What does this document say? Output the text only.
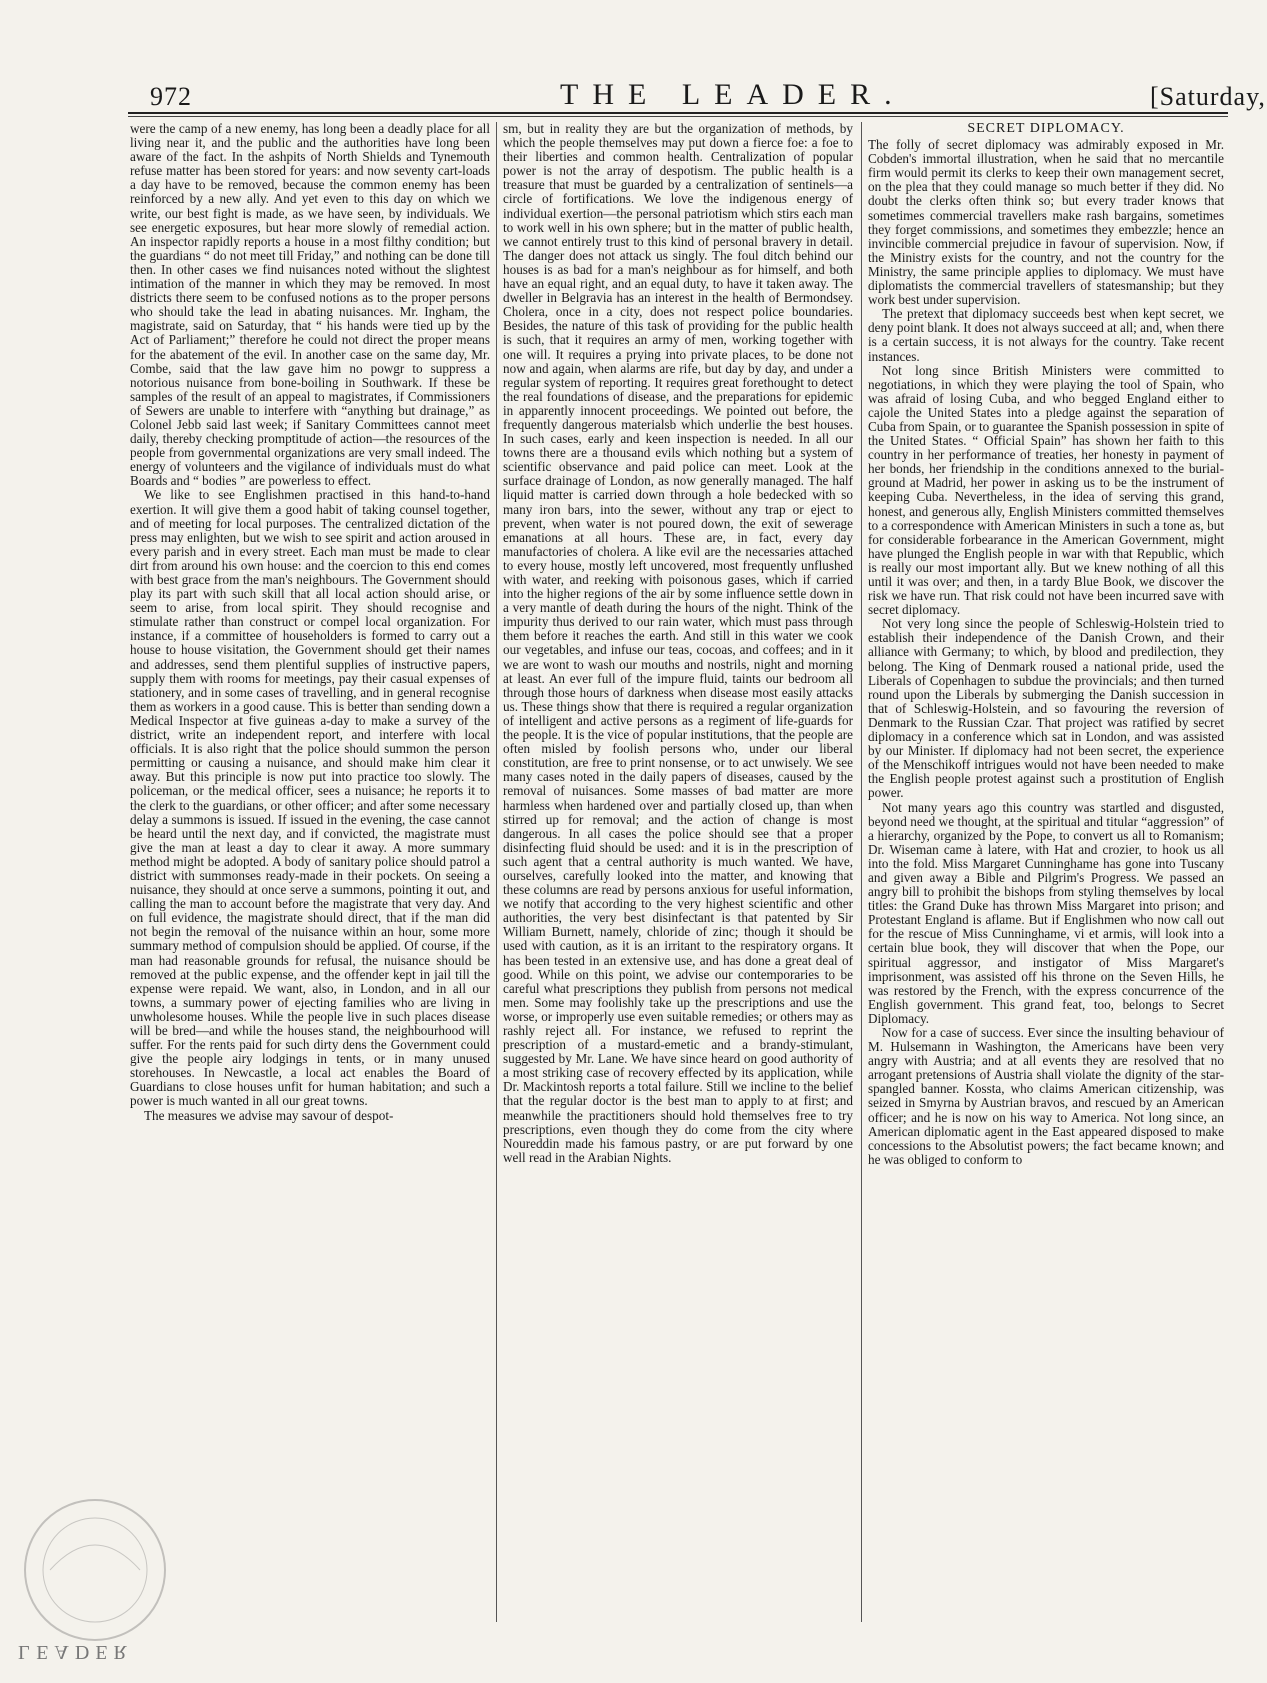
972	THE LEADER.	[Saturday,

were the camp of a new enemy, has long been a deadly place for all living near it, and the public and the authorities have long been aware of the fact. In the ashpits of North Shields and Tynemouth refuse matter has been stored for years: and now seventy cart-loads a day have to be removed, because the common enemy has been reinforced by a new ally. And yet even to this day on which we write, our best fight is made, as we have seen, by individuals. We see energetic exposures, but hear more slowly of remedial action. An inspector rapidly reports a house in a most filthy condition; but the guardians “ do not meet till Friday,” and nothing can be done till then. In other cases we find nuisances noted without the slightest intimation of the manner in which they may be removed. In most districts there seem to be confused notions as to the proper persons who should take the lead in abating nuisances. Mr. Ingham, the magistrate, said on Saturday, that “ his hands were tied up by the Act of Parliament;” therefore he could not direct the proper means for the abatement of the evil. In another case on the same day, Mr. Combe, said that the law gave him no powgr to suppress a notorious nuisance from bone-boiling in Southwark. If these be samples of the result of an appeal to magistrates, if Commissioners of Sewers are unable to interfere with “anything but drainage,” as Colonel Jebb said last week; if Sanitary Committees cannot meet daily, thereby checking promptitude of action—the resources of the people from governmental organizations are very small indeed. The energy of volunteers and the vigilance of individuals must do what Boards and “ bodies ” are powerless to effect.

We like to see Englishmen practised in this hand-to-hand exertion. It will give them a good habit of taking counsel together, and of meeting for local purposes. The centralized dictation of the press may enlighten, but we wish to see spirit and action aroused in every parish and in every street. Each man must be made to clear dirt from around his own house: and the coercion to this end comes with best grace from the man's neighbours. The Government should play its part with such skill that all local action should arise, or seem to arise, from local spirit. They should recognise and stimulate rather than construct or compel local organization. For instance, if a committee of householders is formed to carry out a house to house visitation, the Government should get their names and addresses, send them plentiful supplies of instructive papers, supply them with rooms for meetings, pay their casual expenses of stationery, and in some cases of travelling, and in general recognise them as workers in a good cause. This is better than sending down a Medical Inspector at five guineas a-day to make a survey of the district, write an independent report, and interfere with local officials. It is also right that the police should summon the person permitting or causing a nuisance, and should make him clear it away. But this principle is now put into practice too slowly. The policeman, or the medical officer, sees a nuisance; he reports it to the clerk to the guardians, or other officer; and after some necessary delay a summons is issued. If issued in the evening, the case cannot be heard until the next day, and if convicted, the magistrate must give the man at least a day to clear it away. A more summary method might be adopted. A body of sanitary police should patrol a district with summonses ready-made in their pockets. On seeing a nuisance, they should at once serve a summons, pointing it out, and calling the man to account before the magistrate that very day. And on full evidence, the magistrate should direct, that if the man did not begin the removal of the nuisance within an hour, some more summary method of compulsion should be applied. Of course, if the man had reasonable grounds for refusal, the nuisance should be removed at the public expense, and the offender kept in jail till the expense were repaid. We want, also, in London, and in all our towns, a summary power of ejecting families who are living in unwholesome houses. While the people live in such places disease will be bred—and while the houses stand, the neighbourhood will suffer. For the rents paid for such dirty dens the Government could give the people airy lodgings in tents, or in many unused storehouses. In Newcastle, a local act enables the Board of Guardians to close houses unfit for human habitation; and such a power is much wanted in all our great towns.

The measures we advise may savour of despot-

sm, but in reality they are but the organization of methods, by which the people themselves may put down a fierce foe: a foe to their liberties and common health. Centralization of popular power is not the array of despotism. The public health is a treasure that must be guarded by a centralization of sentinels—a circle of fortifications. We love the indigenous energy of individual exertion—the personal patriotism which stirs each man to work well in his own sphere; but in the matter of public health, we cannot entirely trust to this kind of personal bravery in detail. The danger does not attack us singly. The foul ditch behind our houses is as bad for a man's neighbour as for himself, and both have an equal right, and an equal duty, to have it taken away. The dweller in Belgravia has an interest in the health of Bermondsey. Cholera, once in a city, does not respect police boundaries. Besides, the nature of this task of providing for the public health is such, that it requires an army of men, working together with one will. It requires a prying into private places, to be done not now and again, when alarms are rife, but day by day, and under a regular system of reporting. It requires great forethought to detect the real foundations of disease, and the preparations for epidemic in apparently innocent proceedings. We pointed out before, the frequently dangerous materialsb which underlie the best houses. In such cases, early and keen inspection is needed. In all our towns there are a thousand evils which nothing but a system of scientific observance and paid police can meet. Look at the surface drainage of London, as now generally managed. The half liquid matter is carried down through a hole bedecked with so many iron bars, into the sewer, without any trap or eject to prevent, when water is not poured down, the exit of sewerage emanations at all hours. These are, in fact, every day manufactories of cholera. A like evil are the necessaries attached to every house, mostly left uncovered, most frequently unflushed with water, and reeking with poisonous gases, which if carried into the higher regions of the air by some influence settle down in a very mantle of death during the hours of the night. Think of the impurity thus derived to our rain water, which must pass through them before it reaches the earth. And still in this water we cook our vegetables, and infuse our teas, cocoas, and coffees; and in it we are wont to wash our mouths and nostrils, night and morning at least. An ever full of the impure fluid, taints our bedroom all through those hours of darkness when disease most easily attacks us. These things show that there is required a regular organization of intelligent and active persons as a regiment of life-guards for the people. It is the vice of popular institutions, that the people are often misled by foolish persons who, under our liberal constitution, are free to print nonsense, or to act unwisely. We see many cases noted in the daily papers of diseases, caused by the removal of nuisances. Some masses of bad matter are more harmless when hardened over and partially closed up, than when stirred up for removal; and the action of change is most dangerous. In all cases the police should see that a proper disinfecting fluid should be used: and it is in the prescription of such agent that a central authority is much wanted. We have, ourselves, carefully looked into the matter, and knowing that these columns are read by persons anxious for useful information, we notify that according to the very highest scientific and other authorities, the very best disinfectant is that patented by Sir William Burnett, namely, chloride of zinc; though it should be used with caution, as it is an irritant to the respiratory organs. It has been tested in an extensive use, and has done a great deal of good. While on this point, we advise our contemporaries to be careful what prescriptions they publish from persons not medical men. Some may foolishly take up the prescriptions and use the worse, or improperly use even suitable remedies; or others may as rashly reject all. For instance, we refused to reprint the prescription of a mustard-emetic and a brandy-stimulant, suggested by Mr. Lane. We have since heard on good authority of a most striking case of recovery effected by its application, while Dr. Mackintosh reports a total failure. Still we incline to the belief that the regular doctor is the best man to apply to at first; and meanwhile the practitioners should hold themselves free to try prescriptions, even though they do come from the city where Noureddin made his famous pastry, or are put forward by one well read in the Arabian Nights.

SECRET DIPLOMACY.

The folly of secret diplomacy was admirably exposed in Mr. Cobden's immortal illustration, when he said that no mercantile firm would permit its clerks to keep their own management secret, on the plea that they could manage so much better if they did. No doubt the clerks often think so; but every trader knows that sometimes commercial travellers make rash bargains, sometimes they forget commissions, and sometimes they embezzle; hence an invincible commercial prejudice in favour of supervision. Now, if the Ministry exists for the country, and not the country for the Ministry, the same principle applies to diplomacy. We must have diplomatists the commercial travellers of statesmanship; but they work best under supervision.

The pretext that diplomacy succeeds best when kept secret, we deny point blank. It does not always succeed at all; and, when there is a certain success, it is not always for the country. Take recent instances.

Not long since British Ministers were committed to negotiations, in which they were playing the tool of Spain, who was afraid of losing Cuba, and who begged England either to cajole the United States into a pledge against the separation of Cuba from Spain, or to guarantee the Spanish possession in spite of the United States. “ Official Spain” has shown her faith to this country in her performance of treaties, her honesty in payment of her bonds, her friendship in the conditions annexed to the burial-ground at Madrid, her power in asking us to be the instrument of keeping Cuba. Nevertheless, in the idea of serving this grand, honest, and generous ally, English Ministers committed themselves to a correspondence with American Ministers in such a tone as, but for considerable forbearance in the American Government, might have plunged the English people in war with that Republic, which is really our most important ally. But we knew nothing of all this until it was over; and then, in a tardy Blue Book, we discover the risk we have run. That risk could not have been incurred save with secret diplomacy.

Not very long since the people of Schleswig-Holstein tried to establish their independence of the Danish Crown, and their alliance with Germany; to which, by blood and predilection, they belong. The King of Denmark roused a national pride, used the Liberals of Copenhagen to subdue the provincials; and then turned round upon the Liberals by submerging the Danish succession in that of Schleswig-Holstein, and so favouring the reversion of Denmark to the Russian Czar. That project was ratified by secret diplomacy in a conference which sat in London, and was assisted by our Minister. If diplomacy had not been secret, the experience of the Menschikoff intrigues would not have been needed to make the English people protest against such a prostitution of English power.

Not many years ago this country was startled and disgusted, beyond need we thought, at the spiritual and titular “aggression” of a hierarchy, organized by the Pope, to convert us all to Romanism; Dr. Wiseman came à latere, with Hat and crozier, to hook us all into the fold. Miss Margaret Cunninghame has gone into Tuscany and given away a Bible and Pilgrim's Progress. We passed an angry bill to prohibit the bishops from styling themselves by local titles: the Grand Duke has thrown Miss Margaret into prison; and Protestant England is aflame. But if Englishmen who now call out for the rescue of Miss Cunninghame, vi et armis, will look into a certain blue book, they will discover that when the Pope, our spiritual aggressor, and instigator of Miss Margaret's imprisonment, was assisted off his throne on the Seven Hills, he was restored by the French, with the express concurrence of the English government. This grand feat, too, belongs to Secret Diplomacy.

Now for a case of success. Ever since the insulting behaviour of M. Hulsemann in Washington, the Americans have been very angry with Austria; and at all events they are resolved that no arrogant pretensions of Austria shall violate the dignity of the star-spangled banner. Kossta, who claims American citizenship, was seized in Smyrna by Austrian bravos, and rescued by an American officer; and he is now on his way to America. Not long since, an American diplomatic agent in the East appeared disposed to make concessions to the Absolutist powers; the fact became known; and he was obliged to conform to

LEADER
